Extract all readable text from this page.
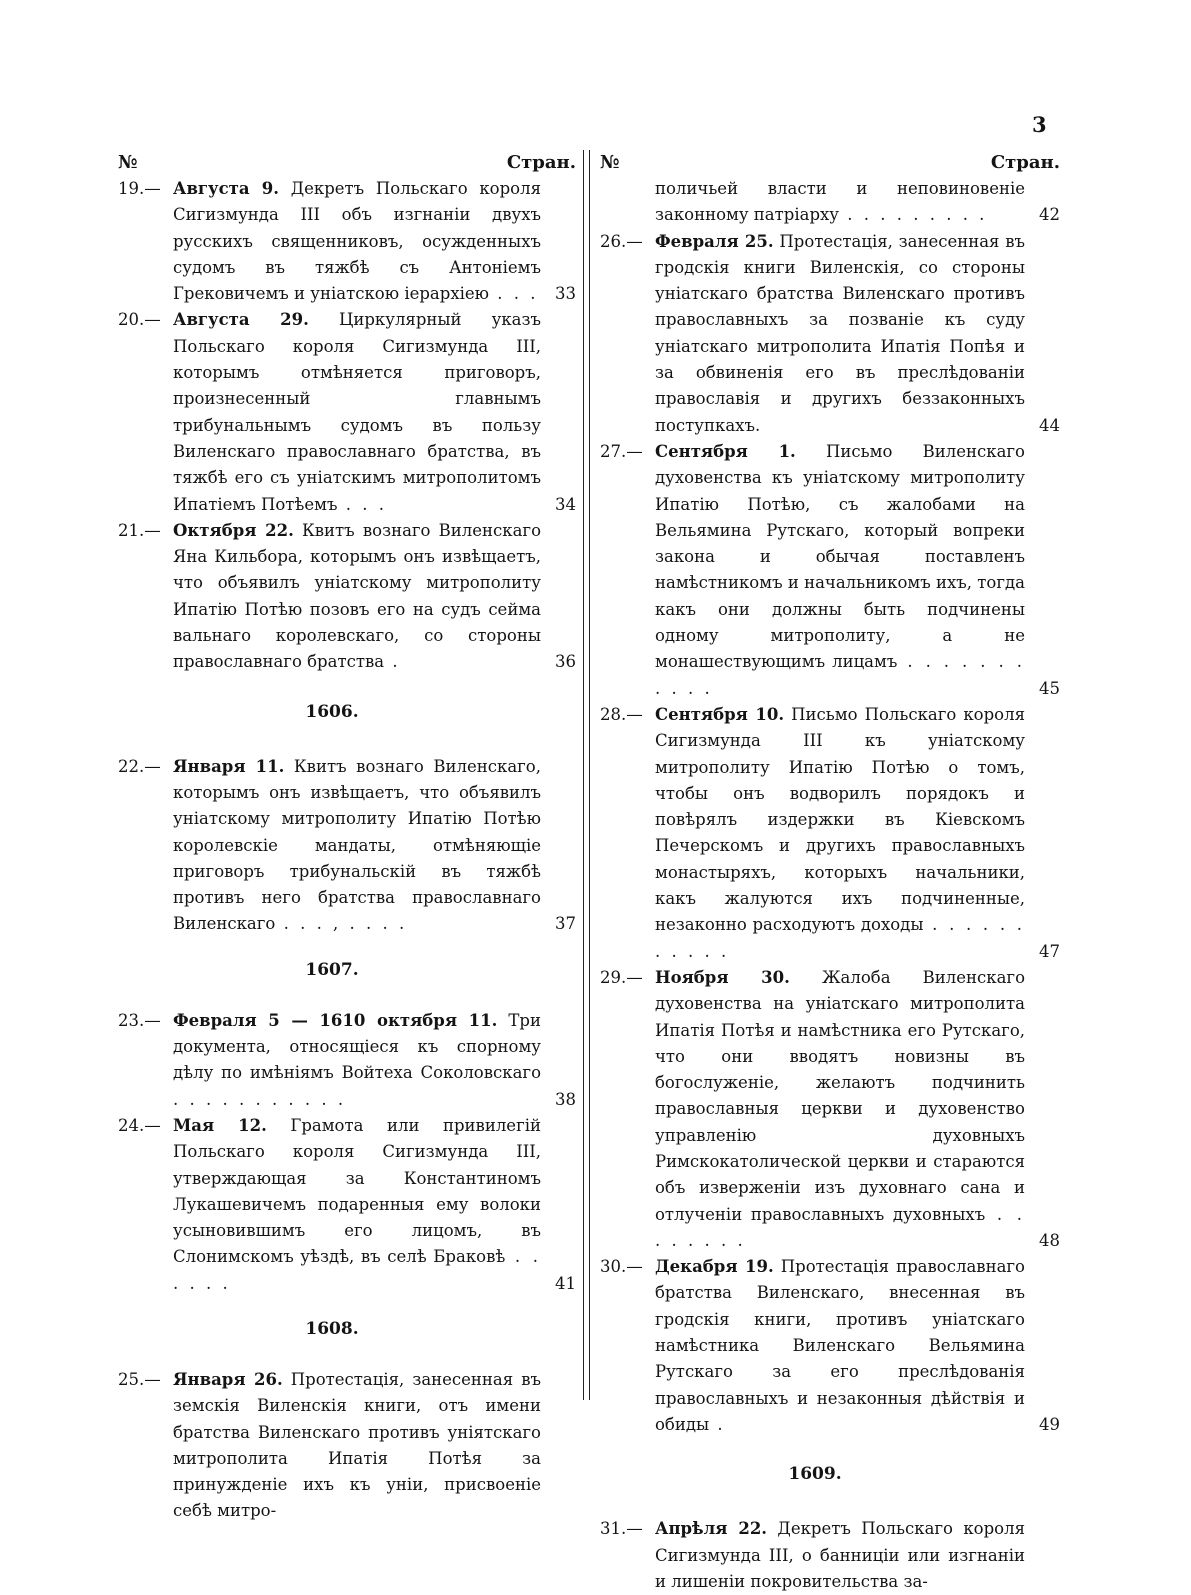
3
№	Стран.
19.— Августа 9. Декретъ Польскаго короля Сигизмунда III объ изгнаніи двухъ русскихъ священниковъ, осужденныхъ судомъ въ тяжбѣ съ Антоніемъ Грековичемъ и уніатскою іерархіею . . . 33
20.— Августа 29. Циркулярный указъ Польскаго короля Сигизмунда III, которымъ отмѣняется приговоръ, произнесенный главнымъ трибунальнымъ судомъ въ пользу Виленскаго православнаго братства, въ тяжбѣ его съ уніатскимъ митрополитомъ Ипатіемъ Потѣемъ . . .	34
21.— Октября 22. Квитъ вознаго Виленскаго Яна Кильбора, которымъ онъ извѣщаетъ, что объявилъ уніатскому митрополиту Ипатію Потѣю позовъ его на судъ сейма вальнаго королевскаго, со стороны православнаго братства .	36
1606.
22.— Января 11. Квитъ вознаго Виленскаго, которымъ онъ извѣщаетъ, что объявилъ уніатскому митрополиту Ипатію Потѣю королевскіе мандаты, отмѣняющіе приговоръ трибунальскій въ тяжбѣ противъ него братства православнаго Виленскаго . . . , . . . .	37
1607.
23.— Февраля 5 — 1610 октября 11. Три документа, относящіеся къ спорному дѣлу по имѣніямъ Войтеха Соколовскаго . . . . . . . . . . .	38
24.— Мая 12. Грамота или привилегій Польскаго короля Сигизмунда III, утверждающая за Константиномъ Лукашевичемъ подаренныя ему волоки усыновившимъ его лицомъ, въ Слонимскомъ уѣздѣ, въ селѣ Браковѣ . . . . . .	41
1608.
25.— Января 26. Протестація, занесенная въ земскія Виленскія книги, отъ имени братства Виленскаго противъ уніятскаго митрополита Ипатія Потѣя за принужденіе ихъ къ уніи, присвоеніе себѣ митро-
№	Стран.
поличьей власти и неповиновеніе законному патріарху . . . . . . . . .	42
26.— Февраля 25. Протестація, занесенная въ гродскія книги Виленскія, со стороны уніатскаго братства Виленскаго противъ православныхъ за позваніе къ суду уніатскаго митрополита Ипатія Попѣя и за обвиненія его въ преслѣдованіи православія и другихъ беззаконныхъ поступкахъ.	44
27.— Сентября 1. Письмо Виленскаго духовенства къ уніатскому митрополиту Ипатію Потѣю, съ жалобами на Вельямина Рутскаго, который вопреки закона и обычая поставленъ намѣстникомъ и начальникомъ ихъ, тогда какъ они должны быть подчинены одному митрополиту, а не монашествующимъ лицамъ . . . . . . . . . . .	45
28.— Сентября 10. Письмо Польскаго короля Сигизмунда III къ уніатскому митрополиту Ипатію Потѣю о томъ, чтобы онъ водворилъ порядокъ и повѣрялъ издержки въ Кіевскомъ Печерскомъ и другихъ православныхъ монастыряхъ, которыхъ начальники, какъ жалуются ихъ подчиненные, незаконно расходуютъ доходы . . . . . . . . . . .	47
29.— Ноября 30. Жалоба Виленскаго духовенства на уніатскаго митрополита Ипатія Потѣя и намѣстника его Рутскаго, что они вводятъ новизны въ богослуженіе, желаютъ подчинить православныя церкви и духовенство управленію духовныхъ Римскокатолической церкви и стараются объ изверженіи изъ духовнаго сана и отлученіи православныхъ духовныхъ . . . . . . . .	48
30.— Декабря 19. Протестація православнаго братства Виленскаго, внесенная въ гродскія книги, противъ уніатскаго намѣстника Виленскаго Вельямина Рутскаго за его преслѣдованія православныхъ и незаконныя дѣйствія и обиды .	49
1609.
31.— Апрѣля 22. Декретъ Польскаго короля Сигизмунда III, о банниціи или изгнаніи и лишеніи покровительства за-
